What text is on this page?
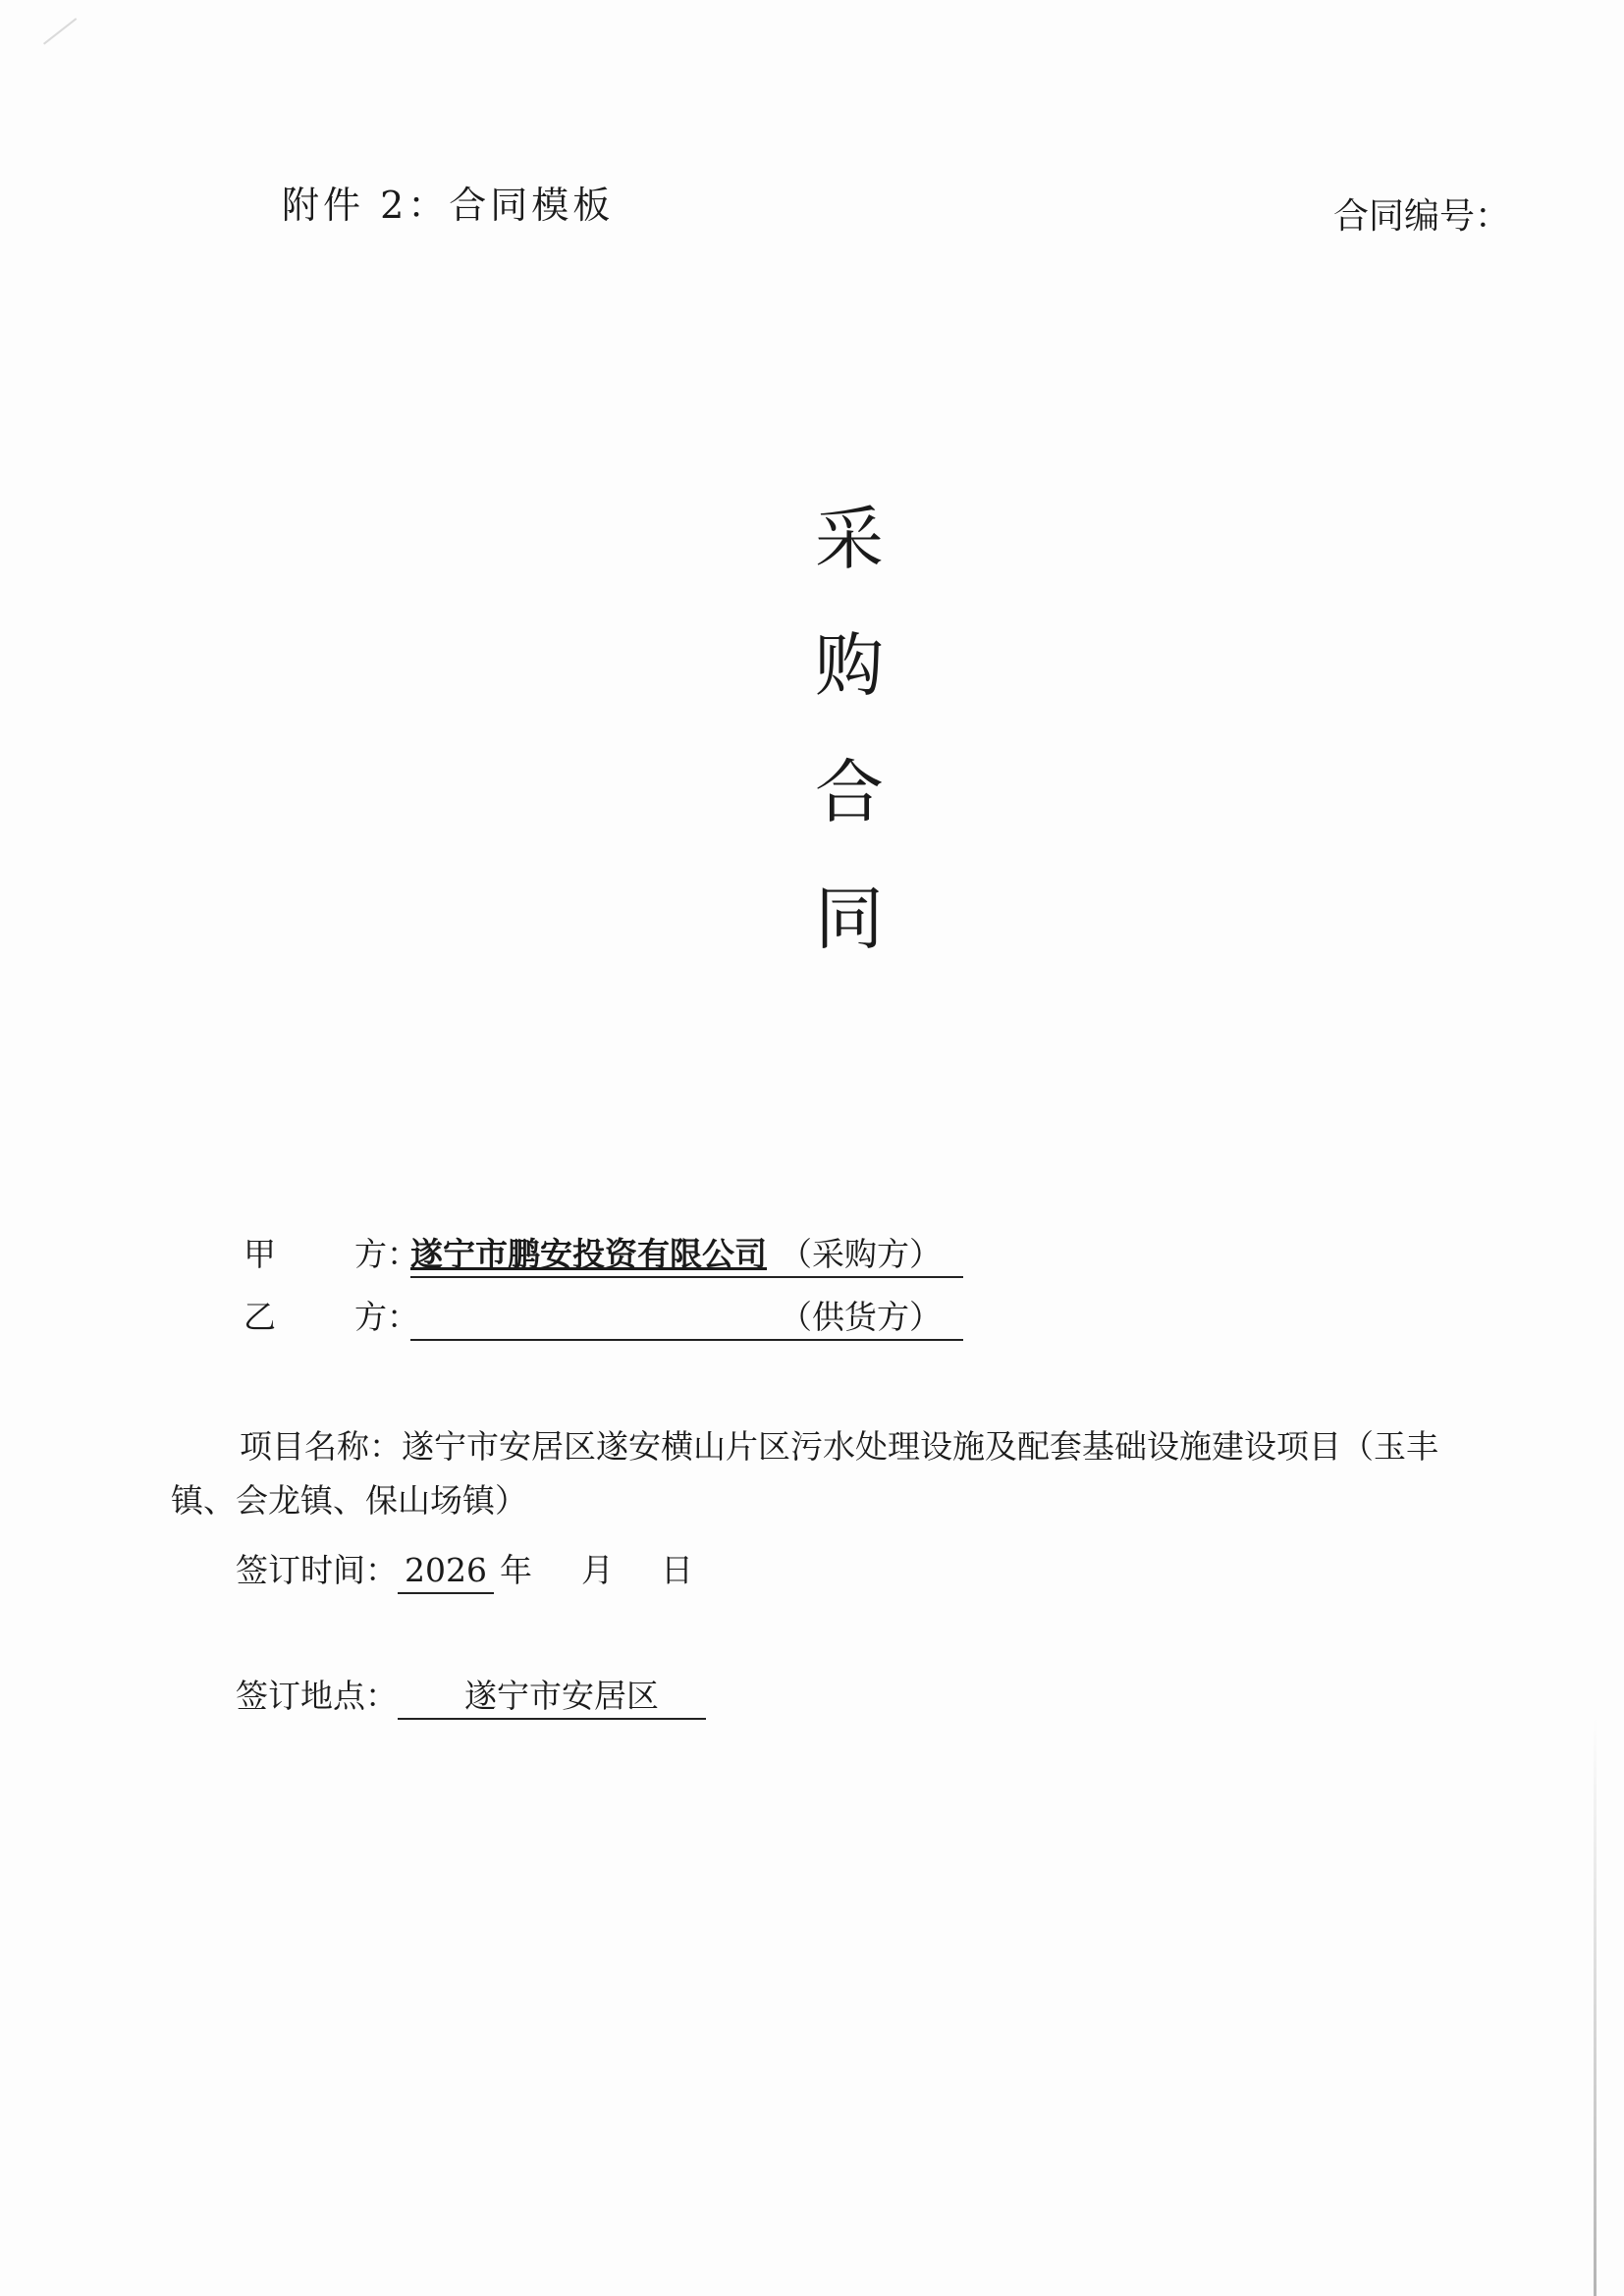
附件 2：合同模板	合同编号：
采
购
合
同
甲 方：
遂宁市鹏安投资有限公司 （采购方）
乙 方：	（供货方）
项目名称：遂宁市安居区遂安横山片区污水处理设施及配套基础设施建设项目（玉丰镇、会龙镇、保山场镇）
签订时间： 2026 年 月 日
签订地点： 遂宁市安居区
